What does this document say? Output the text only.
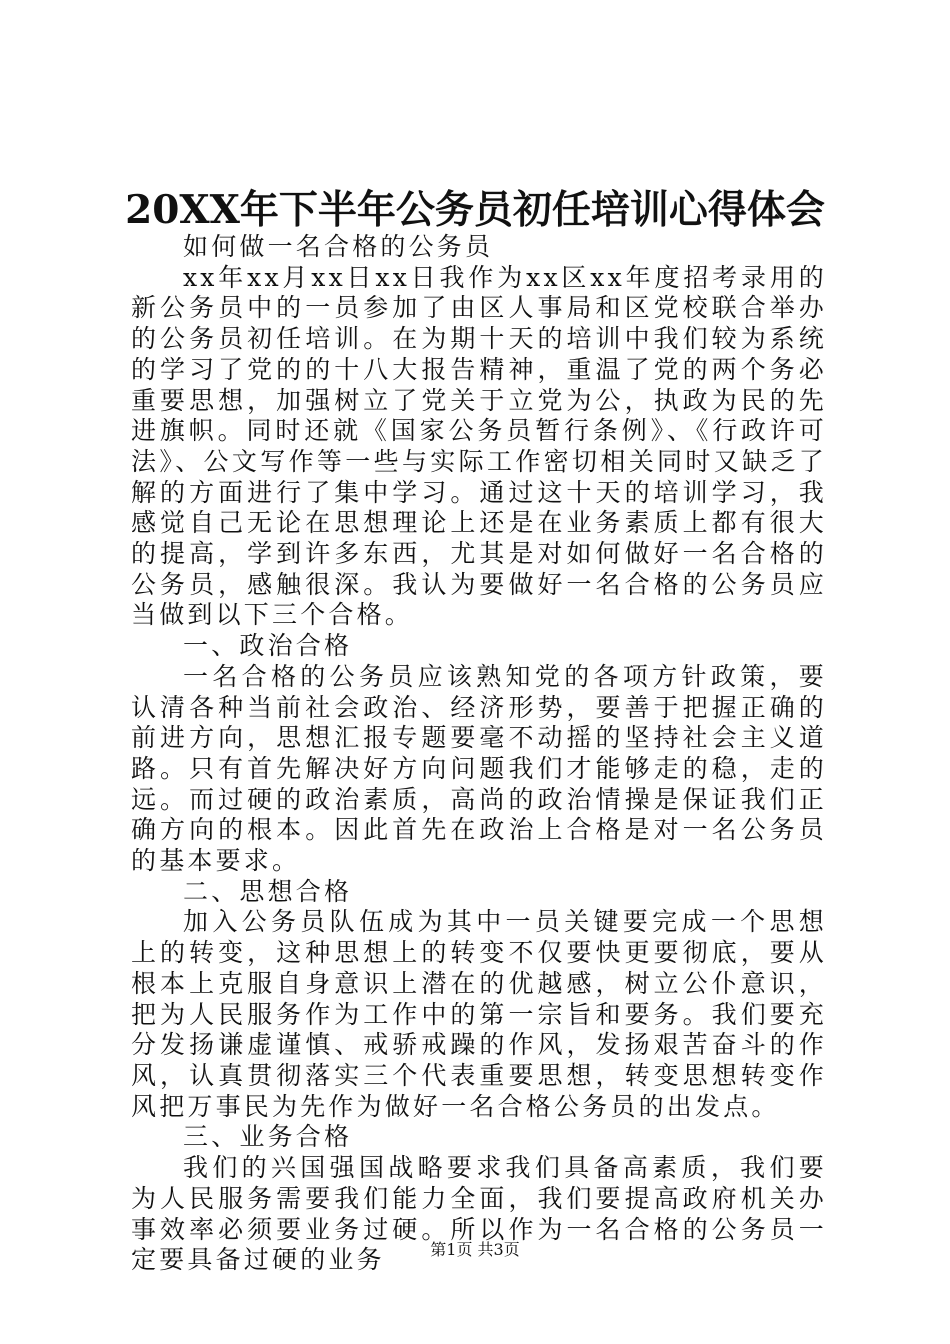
20XX年下半年公务员初任培训心得体会

如何做一名合格的公务员

xx年xx月xx日xx日我作为xx区xx年度招考录用的新公务员中的一员参加了由区人事局和区党校联合举办的公务员初任培训。在为期十天的培训中我们较为系统的学习了党的的十八大报告精神，重温了党的两个务必重要思想，加强树立了党关于立党为公，执政为民的先进旗帜。同时还就《国家公务员暂行条例》、《行政许可法》、公文写作等一些与实际工作密切相关同时又缺乏了解的方面进行了集中学习。通过这十天的培训学习，我感觉自己无论在思想理论上还是在业务素质上都有很大的提高，学到许多东西，尤其是对如何做好一名合格的公务员，感触很深。我认为要做好一名合格的公务员应当做到以下三个合格。

一、政治合格

一名合格的公务员应该熟知党的各项方针政策，要认清各种当前社会政治、经济形势，要善于把握正确的前进方向，思想汇报专题要毫不动摇的坚持社会主义道路。只有首先解决好方向问题我们才能够走的稳，走的远。而过硬的政治素质，高尚的政治情操是保证我们正确方向的根本。因此首先在政治上合格是对一名公务员的基本要求。

二、思想合格

加入公务员队伍成为其中一员关键要完成一个思想上的转变，这种思想上的转变不仅要快更要彻底，要从根本上克服自身意识上潜在的优越感，树立公仆意识，把为人民服务作为工作中的第一宗旨和要务。我们要充分发扬谦虚谨慎、戒骄戒躁的作风，发扬艰苦奋斗的作风，认真贯彻落实三个代表重要思想，转变思想转变作风把万事民为先作为做好一名合格公务员的出发点。

三、业务合格

我们的兴国强国战略要求我们具备高素质，我们要为人民服务需要我们能力全面，我们要提高政府机关办事效率必须要业务过硬。所以作为一名合格的公务员一定要具备过硬的业务	第1页 共3页
